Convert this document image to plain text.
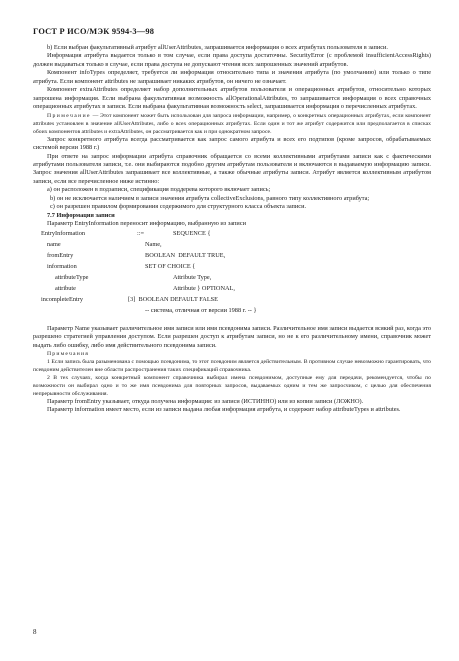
ГОСТ Р ИСО/МЭК 9594-3—98

b) Если выбран факультативный атрибут allUserAttributes, запрашивается информация о всех атрибутах пользователя в записи.

Информация атрибута выдается только в том случае, если права доступа достаточны. SecurityError (с проблемой insufficientAccessRights) должен выдаваться только в случае, если права доступа не допускают чтения всех запрошенных значений атрибутов.

Компонент infoTypes определяет, требуется ли информация относительно типа и значения атрибута (по умолчанию) или только о типе атрибута. Если компонент attributes не запрашивает никаких атрибутов, он ничего не означает.

Компонент extraAttributes определяет набор дополнительных атрибутов пользователя и операционных атрибутов, относительно которых запрошена информация. Если выбрана факультативная возможность allOperationalAttributes, то запрашивается информация о всех справочных операционных атрибутах в записи. Если выбрана факультативная возможность select, запрашивается информация о перечисленных атрибутах.

Примечание — Этот компонент может быть использован для запроса информации, например, о конкретных операционных атрибутах, если компонент attributes установлен в значение allUserAttributes, либо о всех операционных атрибутах. Если один и тот же атрибут содержится или предполагается в списках обоих компонентов attributes и extraAttributes, он рассматривается как и при однократном запросе.

Запрос конкретного атрибута всегда рассматривается как запрос самого атрибута и всех его подтипов (кроме запросов, обрабатываемых системой версии 1988 г.)

При ответе на запрос информации атрибута справочник обращается со всеми коллективными атрибутами записи как с фактическими атрибутами пользователя записи, т.е. они выбираются подобно другим атрибутам пользователя и включаются в выдаваемую информацию записи. Запрос значения allUserAttributes запрашивает все коллективные, а также обычные атрибуты записи. Атрибут является коллективным атрибутом записи, если все перечисленное ниже истинно:

a) он расположен в подзаписи, спецификация поддерева которого включает запись;

b) он не исключается наличием в записи значения атрибута collectiveExclusions, равного типу коллективного атрибута;

c) он разрешен правилом формирования содержимого для структурного класса объекта записи.

7.7 Информация записи

Параметр EntryInformation переносит информацию, выбранную из записи

EntryInformation	::=	SEQUENCE {
name	Name,
fromEntry	BOOLEAN  DEFAULT TRUE,
information	SET OF CHOICE {
attributeType	Attribute Type,
attribute	Attribute } OPTIONAL,
incompleteEntry	[3]  BOOLEAN DEFAULT FALSE
-- система, отличная от версии 1988 г. -- }

Параметр Name указывает различительное имя записи или имя псевдонима записи. Различительное имя записи выдается всякий раз, когда это разрешено стратегией управления доступом. Если разрешен доступ к атрибутам записи, но не к его различительному имени, справочник может выдать либо ошибку, либо имя действительного псевдонима записи.

Примечания

1 Если запись была разыменована с помощью псевдонима, то этот псевдоним является действительным. В противном случае невозможно гарантировать, что псевдоним действителен вне области распространения таких спецификаций справочника.

2 В тех случаях, когда конкретный компонент справочника выбирал имена псевдонимом, доступные ему для передачи, рекомендуется, чтобы по возможности он выбирал одно и то же имя псевдонима для повторных запросов, выдаваемых одним и тем же запросчиком, с целью для обеспечения непрерывности обслуживания.

Параметр fromEntry указывает, откуда получена информация: из записи (ИСТИННО) или из копии записи (ЛОЖНО).

Параметр information имеет место, если из записи выдана любая информация атрибута, и содержит набор attributeTypes и attributes.

8
